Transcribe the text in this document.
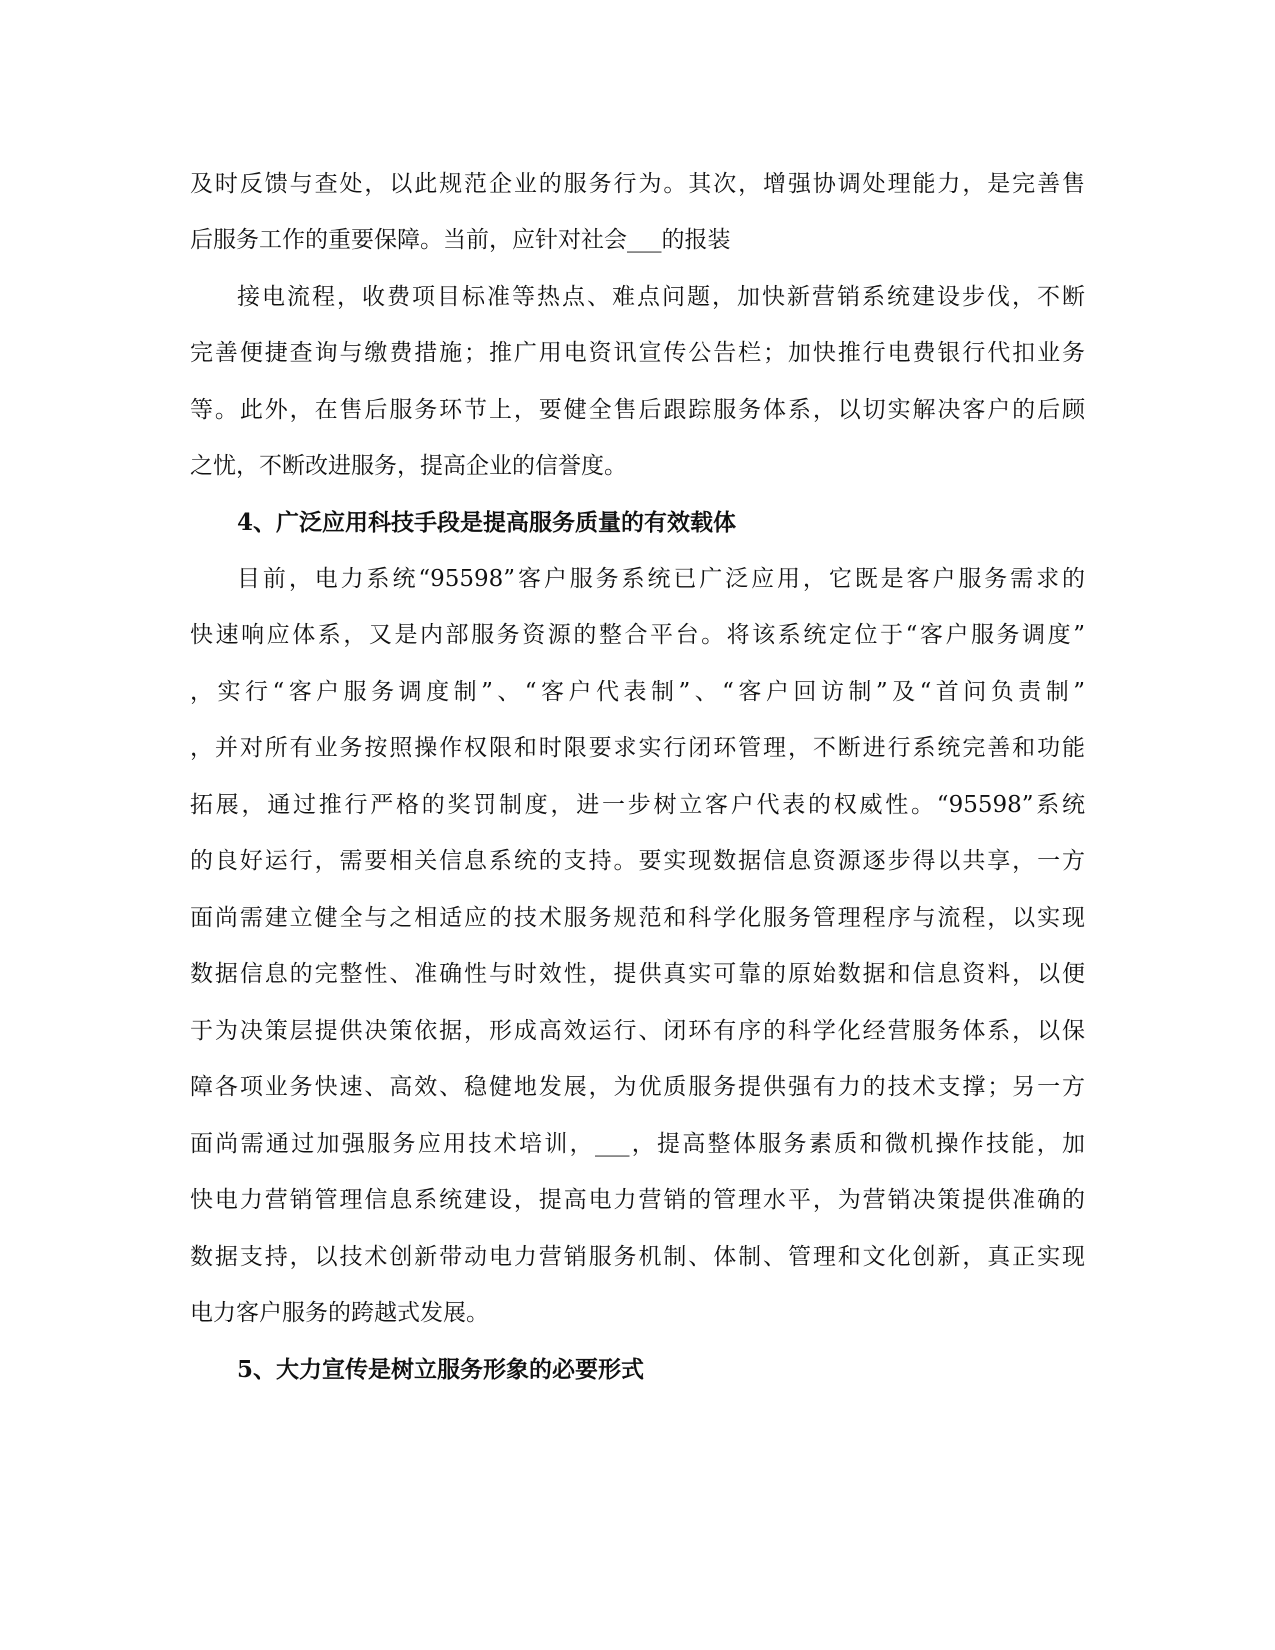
及时反馈与查处，以此规范企业的服务行为。其次，增强协调处理能力，是完善售
后服务工作的重要保障。当前，应针对社会___的报装
接电流程，收费项目标准等热点、难点问题，加快新营销系统建设步伐，不断
完善便捷查询与缴费措施；推广用电资讯宣传公告栏；加快推行电费银行代扣业务
等。此外，在售后服务环节上，要健全售后跟踪服务体系，以切实解决客户的后顾
之忧，不断改进服务，提高企业的信誉度。
4、广泛应用科技手段是提高服务质量的有效载体
目前，电力系统“95598”客户服务系统已广泛应用，它既是客户服务需求的
快速响应体系，又是内部服务资源的整合平台。将该系统定位于“客户服务调度”
，实行“客户服务调度制”、“客户代表制”、“客户回访制”及“首问负责制”
，并对所有业务按照操作权限和时限要求实行闭环管理，不断进行系统完善和功能
拓展，通过推行严格的奖罚制度，进一步树立客户代表的权威性。“95598”系统
的良好运行，需要相关信息系统的支持。要实现数据信息资源逐步得以共享，一方
面尚需建立健全与之相适应的技术服务规范和科学化服务管理程序与流程，以实现
数据信息的完整性、准确性与时效性，提供真实可靠的原始数据和信息资料，以便
于为决策层提供决策依据，形成高效运行、闭环有序的科学化经营服务体系，以保
障各项业务快速、高效、稳健地发展，为优质服务提供强有力的技术支撑；另一方
面尚需通过加强服务应用技术培训，___，提高整体服务素质和微机操作技能，加
快电力营销管理信息系统建设，提高电力营销的管理水平，为营销决策提供准确的
数据支持，以技术创新带动电力营销服务机制、体制、管理和文化创新，真正实现
电力客户服务的跨越式发展。
5、大力宣传是树立服务形象的必要形式
